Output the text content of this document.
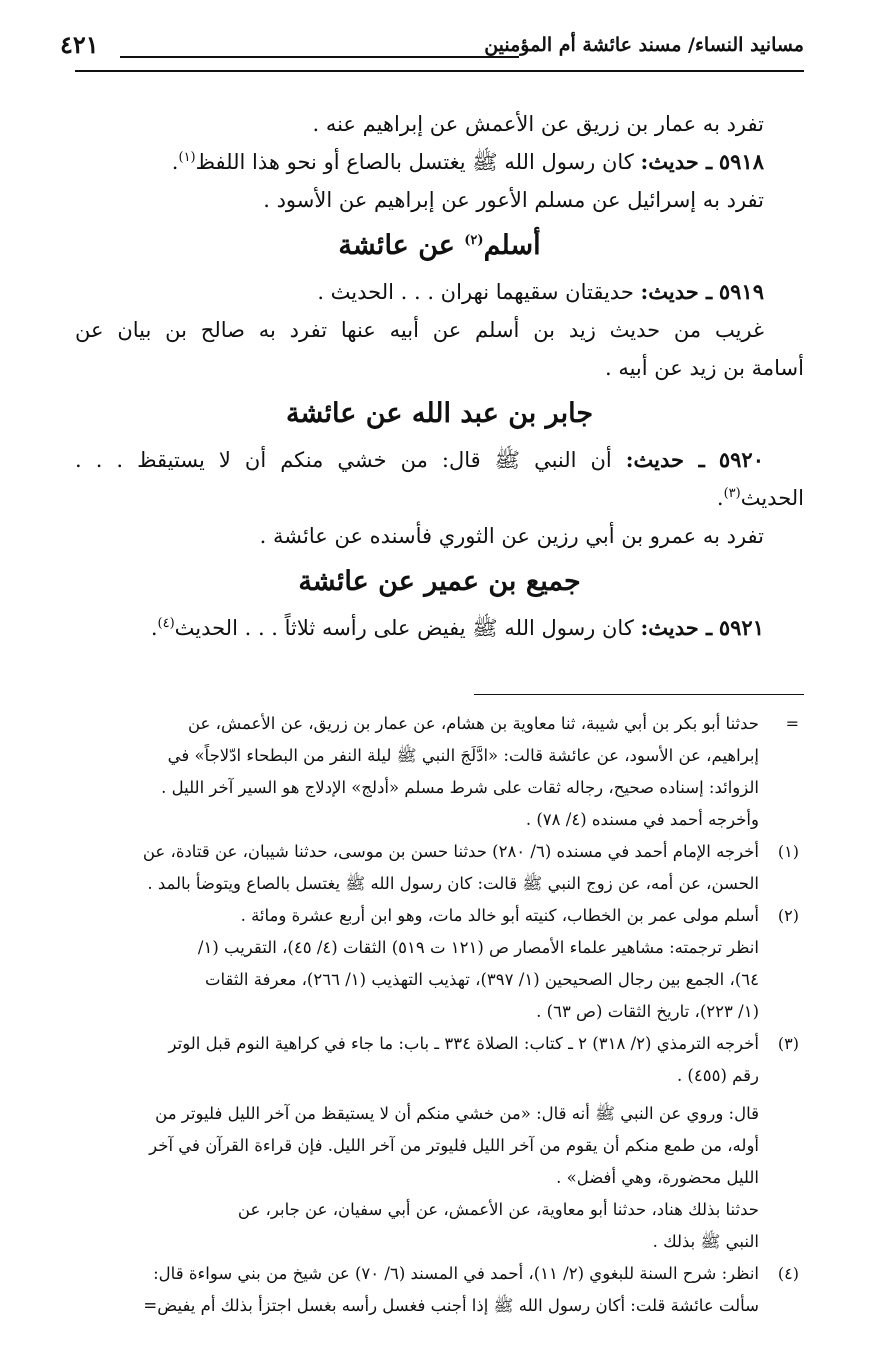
مسانيد النساء/ مسند عائشة أم المؤمنين
٤٢١
تفرد به عمار بن زريق عن الأعمش عن إبراهيم عنه .
٥٩١٨ ـ حديث: كان رسول الله ﷺ يغتسل بالصاع أو نحو هذا اللفظ$^{(١)}$.
تفرد به إسرائيل عن مسلم الأعور عن إبراهيم عن الأسود .
أسلم$^{(٢)}$ عن عائشة
٥٩١٩ ـ حديث: حديقتان سقيهما نهران . . . الحديث .
غريب من حديث زيد بن أسلم عن أبيه عنها تفرد به صالح بن بيان عن
أسامة بن زيد عن أبيه .
جابر بن عبد الله عن عائشة
٥٩٢٠ ـ حديث: أن النبي ﷺ قال: من خشي منكم أن لا يستيقظ . . .
الحديث$^{(٣)}$.
تفرد به عمرو بن أبي رزين عن الثوري فأسنده عن عائشة .
جميع بن عمير عن عائشة
٥٩٢١ ـ حديث: كان رسول الله ﷺ يفيض على رأسه ثلاثاً . . . الحديث$^{(٤)}$.
=
حدثنا أبو بكر بن أبي شيبة، ثنا معاوية بن هشام، عن عمار بن زريق، عن الأعمش، عن
إبراهيم، عن الأسود، عن عائشة قالت: «ادَّلَجَ النبي ﷺ ليلة النفر من البطحاء ادّلاجاً» في
الزوائد: إسناده صحيح، رجاله ثقات على شرط مسلم «أدلج» الإدلاج هو السير آخر الليل .
وأخرجه أحمد في مسنده (٤/ ٧٨) .
(١)
أخرجه الإمام أحمد في مسنده (٦/ ٢٨٠) حدثنا حسن بن موسى، حدثنا شيبان، عن قتادة، عن
الحسن، عن أمه، عن زوج النبي ﷺ قالت: كان رسول الله ﷺ يغتسل بالصاع ويتوضأ بالمد .
(٢)
أسلم مولى عمر بن الخطاب، كنيته أبو خالد مات، وهو ابن أربع عشرة ومائة .
انظر ترجمته: مشاهير علماء الأمصار ص (١٢١ ت ٥١٩) الثقات (٤/ ٤٥)، التقريب (١/
٦٤)، الجمع بين رجال الصحيحين (١/ ٣٩٧)، تهذيب التهذيب (١/ ٢٦٦)، معرفة الثقات
(١/ ٢٢٣)، تاريخ الثقات (ص ٦٣) .
(٣)
أخرجه الترمذي (٢/ ٣١٨) ٢ ـ كتاب: الصلاة ٣٣٤ ـ باب: ما جاء في كراهية النوم قبل الوتر
رقم (٤٥٥) .
قال: وروي عن النبي ﷺ أنه قال: «من خشي منكم أن لا يستيقظ من آخر الليل فليوتر من
أوله، من طمع منكم أن يقوم من آخر الليل فليوتر من آخر الليل. فإن قراءة القرآن في آخر
الليل محضورة، وهي أفضل» .
حدثنا بذلك هناد، حدثنا أبو معاوية، عن الأعمش، عن أبي سفيان، عن جابر، عن
النبي ﷺ بذلك .
(٤)
انظر: شرح السنة للبغوي (٢/ ١١)، أحمد في المسند (٦/ ٧٠) عن شيخ من بني سواءة قال:
سألت عائشة قلت: أكان رسول الله ﷺ إذا أجنب فغسل رأسه بغسل اجتزأ بذلك أم يفيض=
